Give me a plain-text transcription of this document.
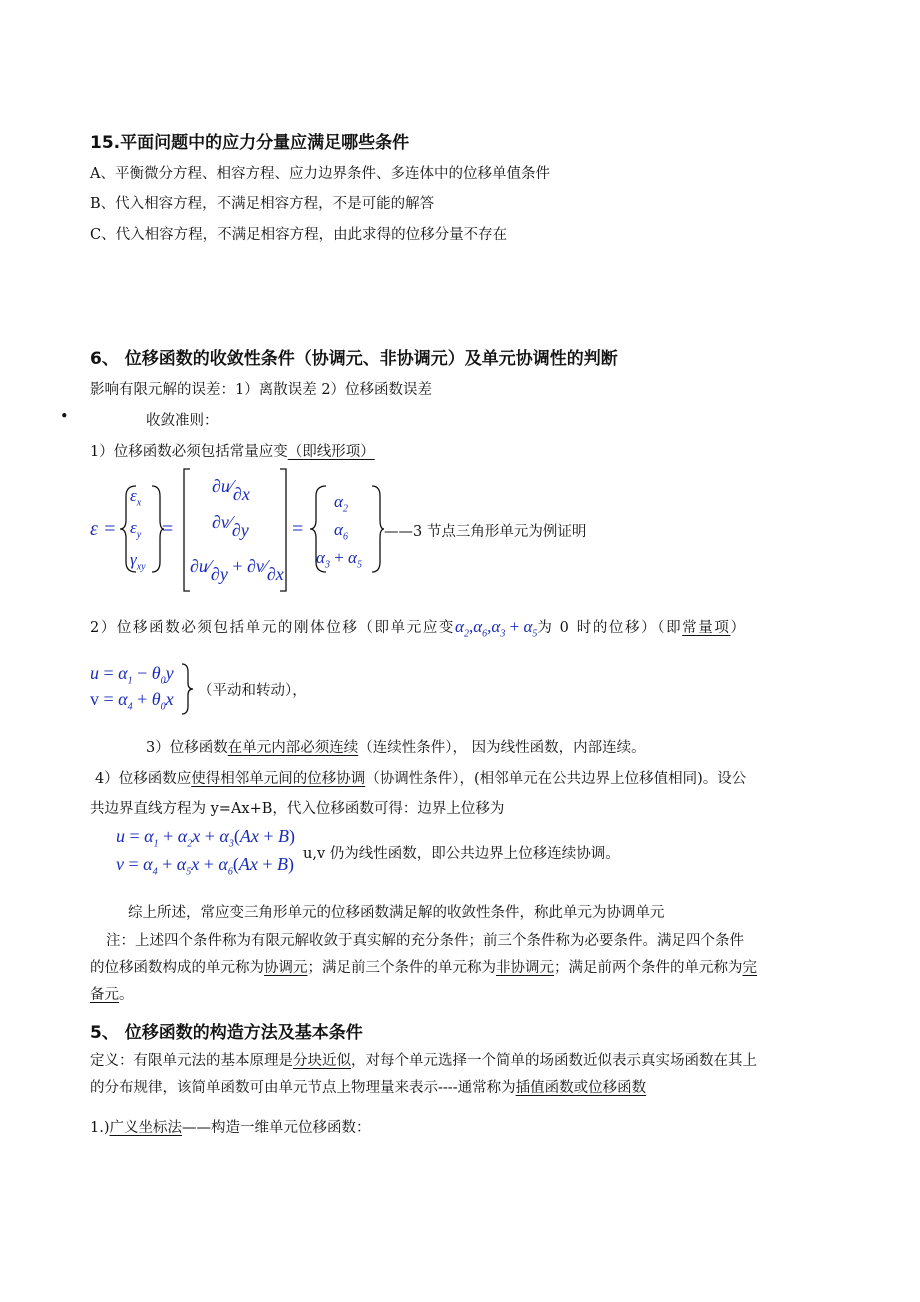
15.平面问题中的应力分量应满足哪些条件
A、平衡微分方程、相容方程、应力边界条件、多连体中的位移单值条件
B、代入相容方程，不满足相容方程，不是可能的解答
C、代入相容方程，不满足相容方程，由此求得的位移分量不存在
6、 位移函数的收敛性条件（协调元、非协调元）及单元协调性的判断
影响有限元解的误差：1）离散误差 2）位移函数误差
•	收敛准则：
1）位移函数必须包括常量应变（即线形项）
ε =
$\varepsilon_x$
$\varepsilon_y$
$\gamma_{xy}$
=
∂u⁄∂x
∂v⁄∂y
∂u⁄∂y + ∂v⁄∂x
=
$\alpha_2$
$\alpha_6$
$\alpha_3 + \alpha_5$
——3 节点三角形单元为例证明
2）位移函数必须包括单元的刚体位移（即单元应变$\alpha_2,\alpha_6,\alpha_3 + \alpha_5$为 0 时的位移）（即常量项）
$u = \alpha_1 - \theta_0y$
$v = \alpha_4 + \theta_0x$ （平动和转动），
3）位移函数在单元内部必须连续（连续性条件）， 因为线性函数，内部连续。
4）位移函数应使得相邻单元间的位移协调（协调性条件），(相邻单元在公共边界上位移值相同)。设公
共边界直线方程为 y=Ax+B，代入位移函数可得：边界上位移为
$u = \alpha_1 + \alpha_2x + \alpha_3(Ax + B)$
$v = \alpha_4 + \alpha_5x + \alpha_6(Ax + B)$ u,v 仍为线性函数，即公共边界上位移连续协调。
综上所述，常应变三角形单元的位移函数满足解的收敛性条件，称此单元为协调单元
注：上述四个条件称为有限元解收敛于真实解的充分条件；前三个条件称为必要条件。满足四个条件
的位移函数构成的单元称为协调元；满足前三个条件的单元称为非协调元；满足前两个条件的单元称为完
备元。
5、 位移函数的构造方法及基本条件
定义：有限单元法的基本原理是分块近似，对每个单元选择一个简单的场函数近似表示真实场函数在其上
的分布规律，该简单函数可由单元节点上物理量来表示----通常称为插值函数或位移函数
1.)广义坐标法——构造一维单元位移函数：
